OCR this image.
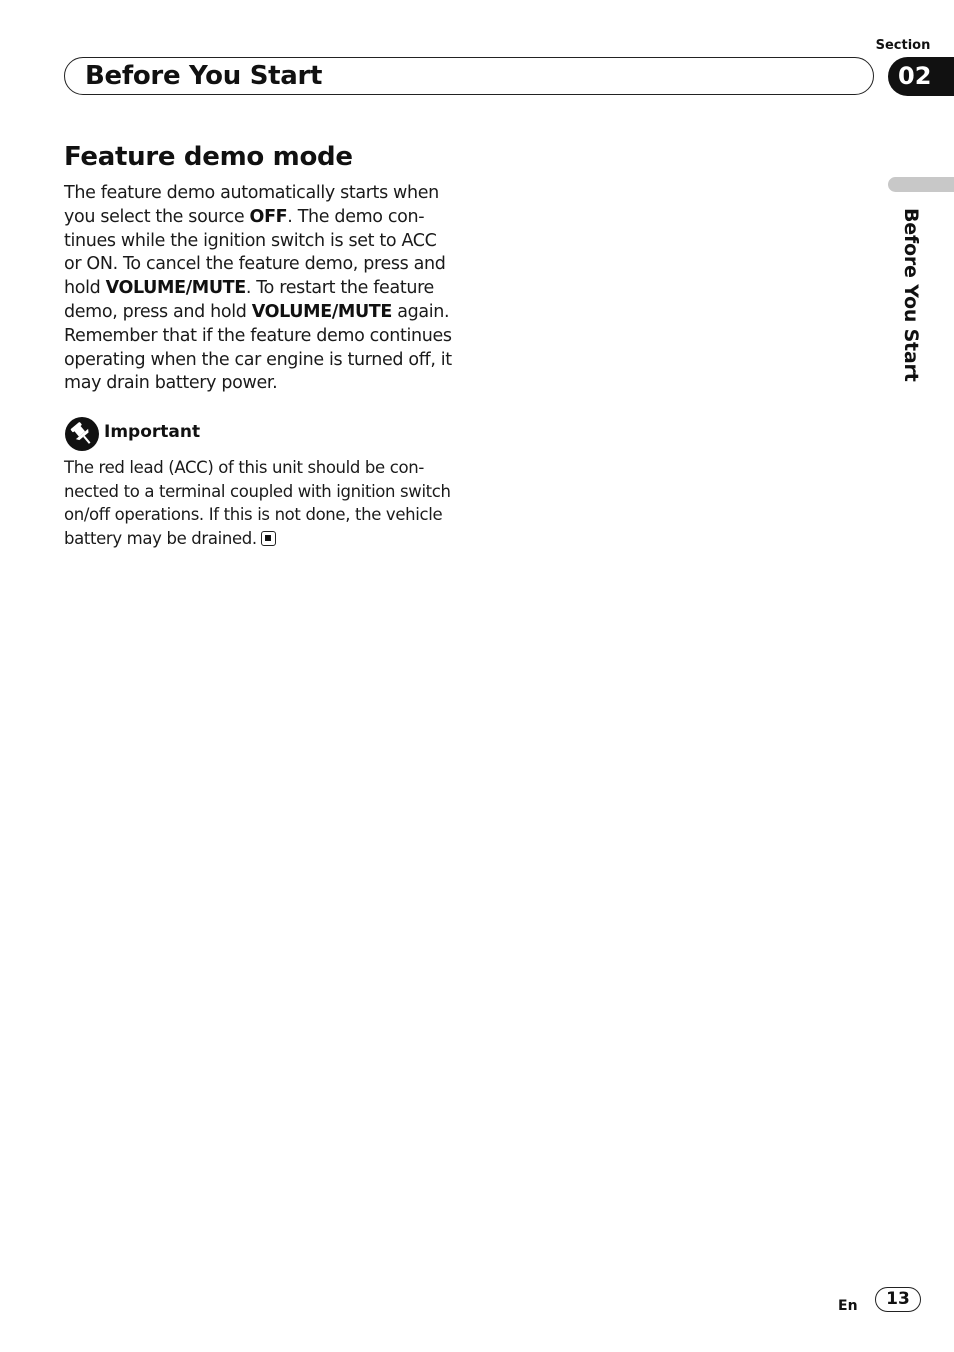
Section
Before You Start	02
Before You Start
Feature demo mode

The feature demo automatically starts when
you select the source OFF. The demo con-
tinues while the ignition switch is set to ACC
or ON. To cancel the feature demo, press and
hold VOLUME/MUTE. To restart the feature
demo, press and hold VOLUME/MUTE again.
Remember that if the feature demo continues
operating when the car engine is turned off, it
may drain battery power.

Important

The red lead (ACC) of this unit should be con-
nected to a terminal coupled with ignition switch
on/off operations. If this is not done, the vehicle
battery may be drained.

En	13
